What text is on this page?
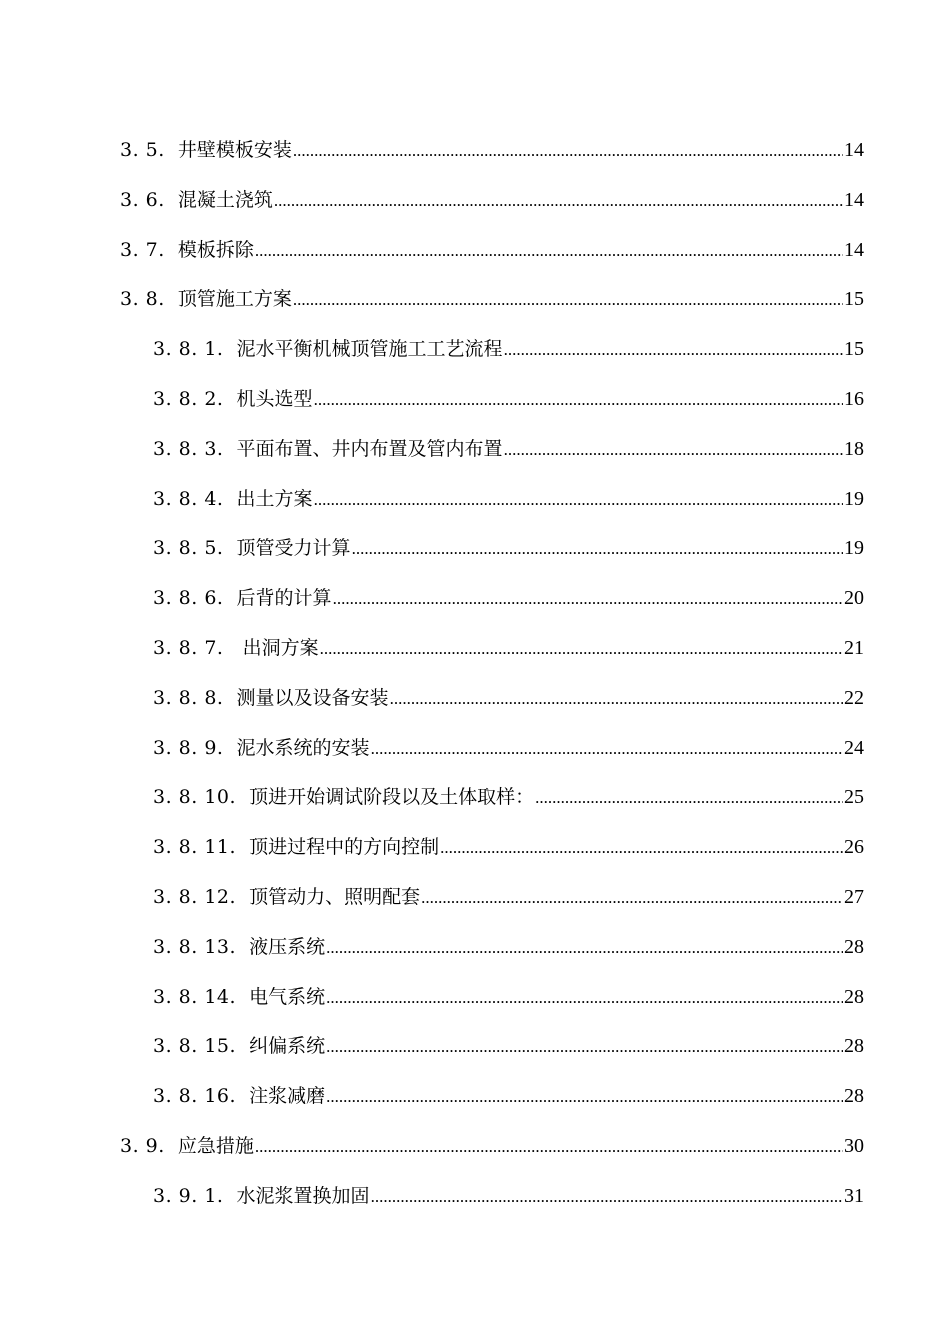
3. 5. 井壁模板安装 .....	14
3. 6. 混凝土浇筑 .....	14
3. 7. 模板拆除 .....	14
3. 8. 顶管施工方案 .....	15
3. 8. 1. 泥水平衡机械顶管施工工艺流程 .....	15
3. 8. 2. 机头选型 .....	16
3. 8. 3. 平面布置、井内布置及管内布置 .....	18
3. 8. 4. 出土方案 .....	19
3. 8. 5. 顶管受力计算 .....	19
3. 8. 6. 后背的计算 .....	20
3. 8. 7. 出洞方案 .....	21
3. 8. 8. 测量以及设备安装 .....	22
3. 8. 9. 泥水系统的安装 .....	24
3. 8. 10. 顶进开始调试阶段以及土体取样： .....	25
3. 8. 11. 顶进过程中的方向控制 .....	26
3. 8. 12. 顶管动力、照明配套 .....	27
3. 8. 13. 液压系统 .....	28
3. 8. 14. 电气系统 .....	28
3. 8. 15. 纠偏系统 .....	28
3. 8. 16. 注浆减磨 .....	28
3. 9. 应急措施 .....	30
3. 9. 1. 水泥浆置换加固 .....	31
